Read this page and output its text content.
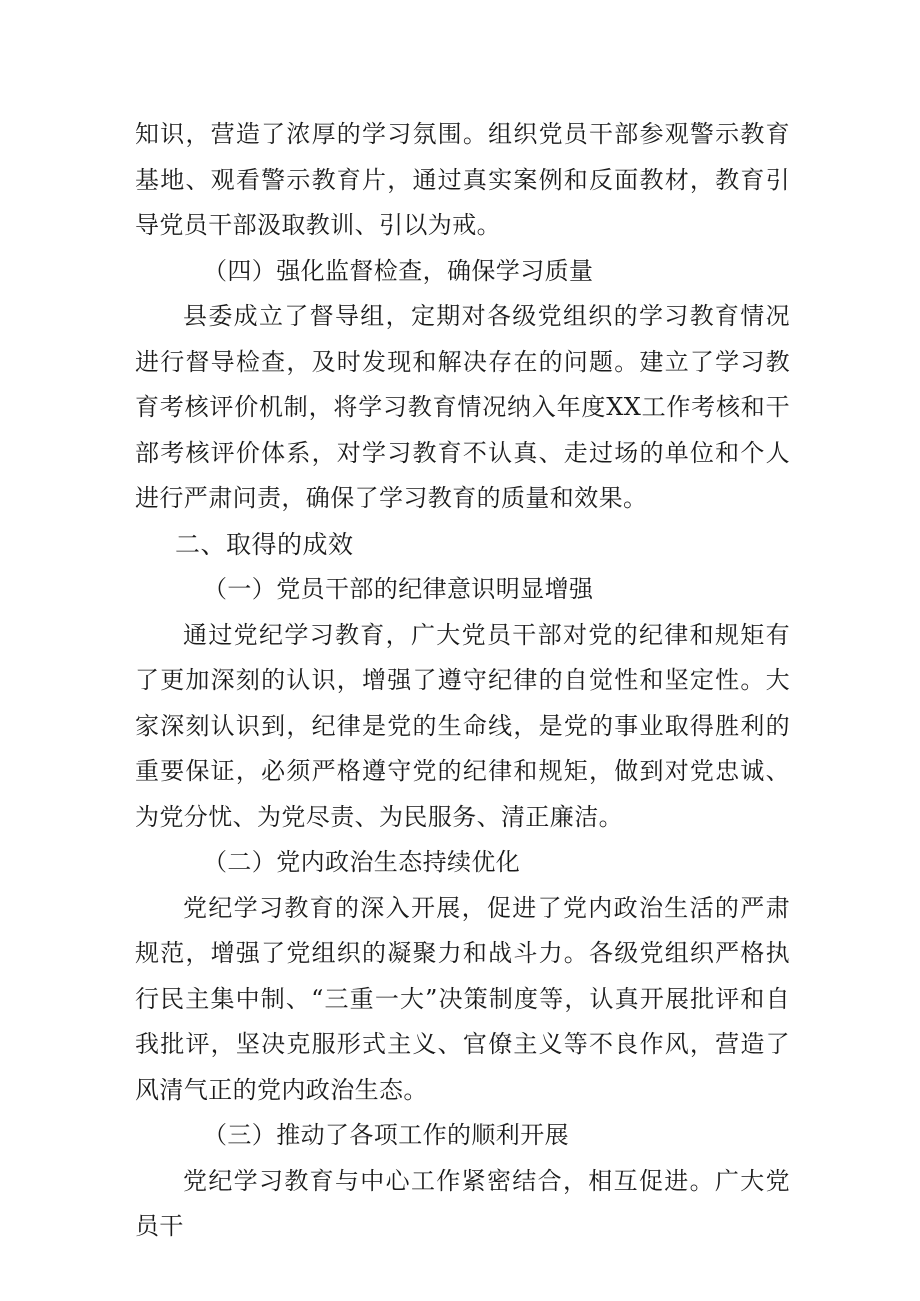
知识，营造了浓厚的学习氛围。组织党员干部参观警示教育基地、观看警示教育片，通过真实案例和反面教材，教育引导党员干部汲取教训、引以为戒。

（四）强化监督检查，确保学习质量

县委成立了督导组，定期对各级党组织的学习教育情况进行督导检查，及时发现和解决存在的问题。建立了学习教育考核评价机制，将学习教育情况纳入年度XX工作考核和干部考核评价体系，对学习教育不认真、走过场的单位和个人进行严肃问责，确保了学习教育的质量和效果。

二、取得的成效

（一）党员干部的纪律意识明显增强

通过党纪学习教育，广大党员干部对党的纪律和规矩有了更加深刻的认识，增强了遵守纪律的自觉性和坚定性。大家深刻认识到，纪律是党的生命线，是党的事业取得胜利的重要保证，必须严格遵守党的纪律和规矩，做到对党忠诚、为党分忧、为党尽责、为民服务、清正廉洁。

（二）党内政治生态持续优化

党纪学习教育的深入开展，促进了党内政治生活的严肃规范，增强了党组织的凝聚力和战斗力。各级党组织严格执行民主集中制、“三重一大”决策制度等，认真开展批评和自我批评，坚决克服形式主义、官僚主义等不良作风，营造了风清气正的党内政治生态。

（三）推动了各项工作的顺利开展

党纪学习教育与中心工作紧密结合，相互促进。广大党员干
